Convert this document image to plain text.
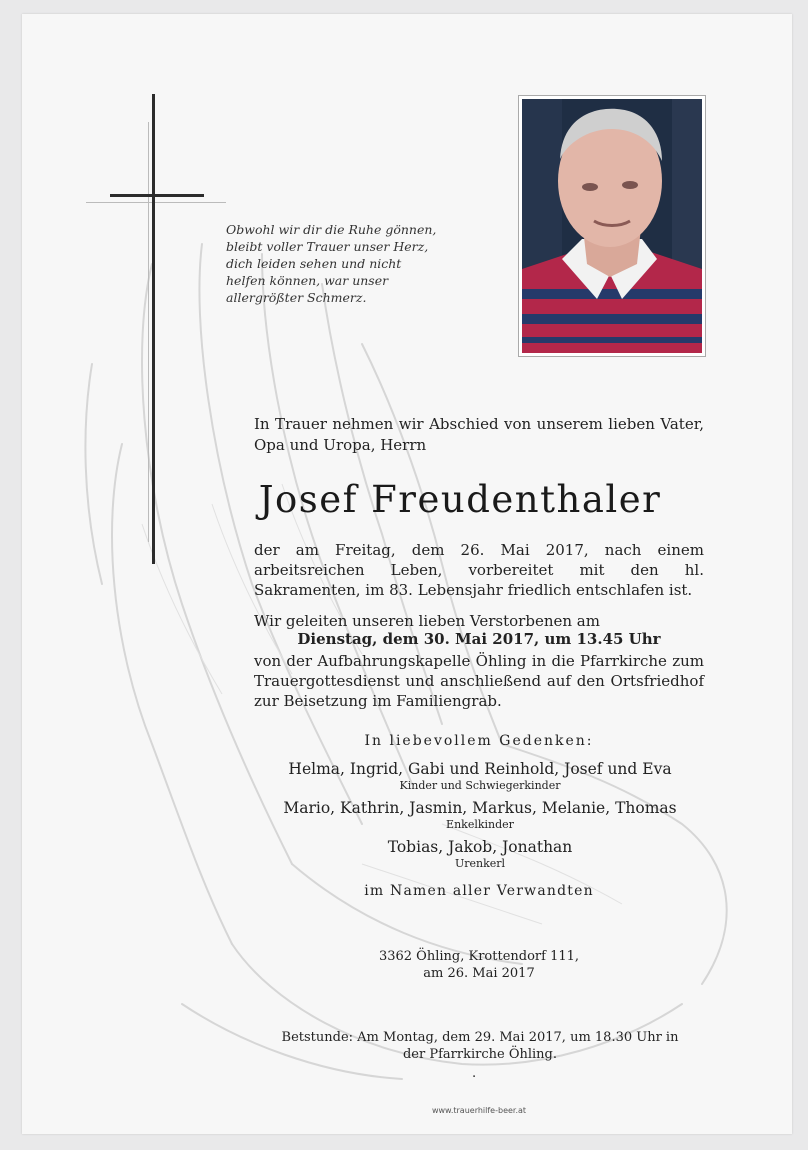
Obwohl wir dir die Ruhe gönnen,
bleibt voller Trauer unser Herz,
dich leiden sehen und nicht
helfen können, war unser
allergrößter Schmerz.
In Trauer nehmen wir Abschied von unserem lieben Vater, Opa und Uropa, Herrn
Josef Freudenthaler
der am Freitag, dem 26. Mai 2017, nach einem arbeitsreichen Leben, vorbereitet mit den hl. Sakramenten, im 83. Lebensjahr friedlich entschlafen ist.
Wir geleiten unseren lieben Verstorbenen am
Dienstag, dem 30. Mai 2017, um 13.45 Uhr
von der Aufbahrungskapelle Öhling in die Pfarrkirche zum Trauergottesdienst und anschließend auf den Ortsfriedhof zur Beisetzung im Familiengrab.
In liebevollem Gedenken:
Helma, Ingrid, Gabi und Reinhold, Josef und Eva
Kinder und Schwiegerkinder
Mario, Kathrin, Jasmin, Markus, Melanie, Thomas
Enkelkinder
Tobias, Jakob, Jonathan
Urenkerl
im Namen aller Verwandten
3362 Öhling, Krottendorf 111,
am 26. Mai 2017
Betstunde: Am Montag, dem 29. Mai 2017, um 18.30 Uhr in
der Pfarrkirche Öhling.
.
www.trauerhilfe-beer.at
